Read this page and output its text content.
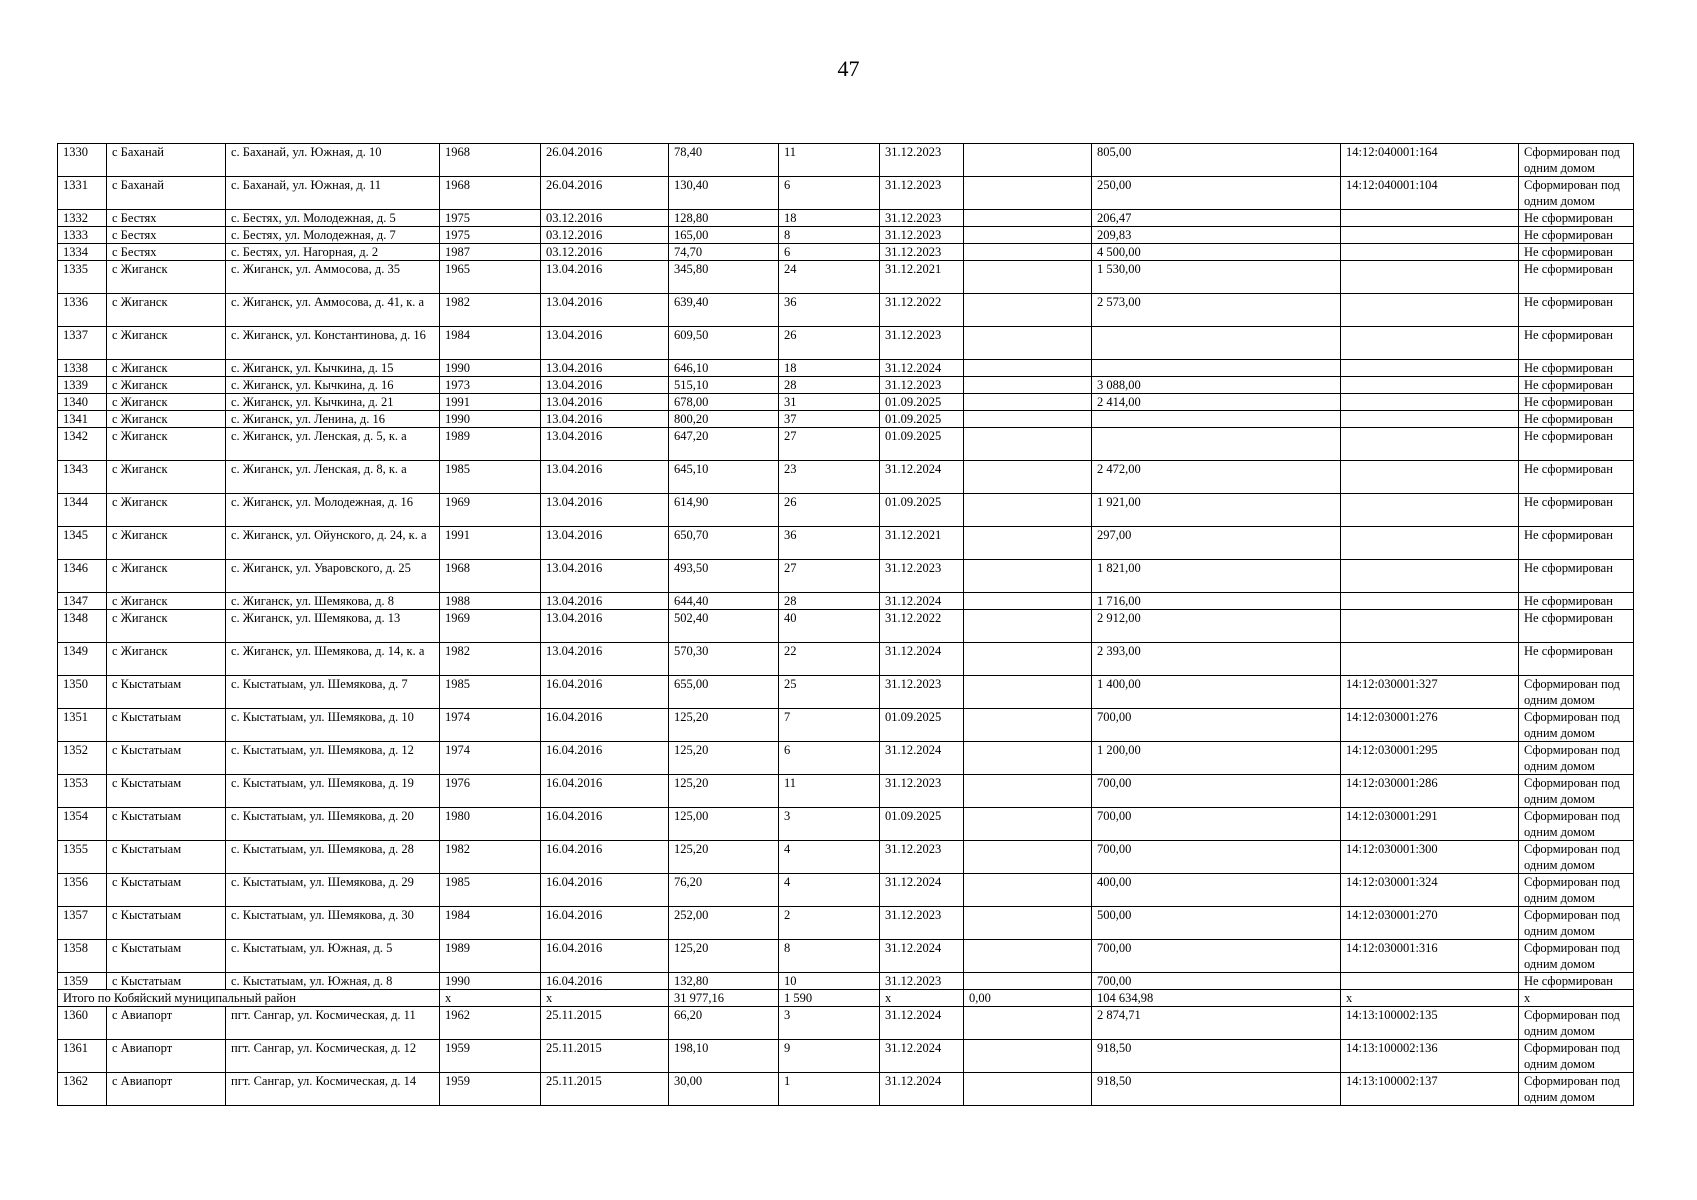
47
1330	с Баханай	с. Баханай, ул. Южная, д. 10	1968	26.04.2016	78,40	11	31.12.2023		805,00	14:12:040001:164	Сформирован под одним домом
1331	с Баханай	с. Баханай, ул. Южная, д. 11	1968	26.04.2016	130,40	6	31.12.2023		250,00	14:12:040001:104	Сформирован под одним домом
1332	с Бестях	с. Бестях, ул. Молодежная, д. 5	1975	03.12.2016	128,80	18	31.12.2023		206,47		Не сформирован
1333	с Бестях	с. Бестях, ул. Молодежная, д. 7	1975	03.12.2016	165,00	8	31.12.2023		209,83		Не сформирован
1334	с Бестях	с. Бестях, ул. Нагорная, д. 2	1987	03.12.2016	74,70	6	31.12.2023		4 500,00		Не сформирован
1335	с Жиганск	с. Жиганск, ул. Аммосова, д. 35	1965	13.04.2016	345,80	24	31.12.2021		1 530,00		Не сформирован
1336	с Жиганск	с. Жиганск, ул. Аммосова, д. 41, к. а	1982	13.04.2016	639,40	36	31.12.2022		2 573,00		Не сформирован
1337	с Жиганск	с. Жиганск, ул. Константинова, д. 16	1984	13.04.2016	609,50	26	31.12.2023				Не сформирован
1338	с Жиганск	с. Жиганск, ул. Кычкина, д. 15	1990	13.04.2016	646,10	18	31.12.2024				Не сформирован
1339	с Жиганск	с. Жиганск, ул. Кычкина, д. 16	1973	13.04.2016	515,10	28	31.12.2023		3 088,00		Не сформирован
1340	с Жиганск	с. Жиганск, ул. Кычкина, д. 21	1991	13.04.2016	678,00	31	01.09.2025		2 414,00		Не сформирован
1341	с Жиганск	с. Жиганск, ул. Ленина, д. 16	1990	13.04.2016	800,20	37	01.09.2025				Не сформирован
1342	с Жиганск	с. Жиганск, ул. Ленская, д. 5, к. а	1989	13.04.2016	647,20	27	01.09.2025				Не сформирован
1343	с Жиганск	с. Жиганск, ул. Ленская, д. 8, к. а	1985	13.04.2016	645,10	23	31.12.2024		2 472,00		Не сформирован
1344	с Жиганск	с. Жиганск, ул. Молодежная, д. 16	1969	13.04.2016	614,90	26	01.09.2025		1 921,00		Не сформирован
1345	с Жиганск	с. Жиганск, ул. Ойунского, д. 24, к. а	1991	13.04.2016	650,70	36	31.12.2021		297,00		Не сформирован
1346	с Жиганск	с. Жиганск, ул. Уваровского, д. 25	1968	13.04.2016	493,50	27	31.12.2023		1 821,00		Не сформирован
1347	с Жиганск	с. Жиганск, ул. Шемякова, д. 8	1988	13.04.2016	644,40	28	31.12.2024		1 716,00		Не сформирован
1348	с Жиганск	с. Жиганск, ул. Шемякова, д. 13	1969	13.04.2016	502,40	40	31.12.2022		2 912,00		Не сформирован
1349	с Жиганск	с. Жиганск, ул. Шемякова, д. 14, к. а	1982	13.04.2016	570,30	22	31.12.2024		2 393,00		Не сформирован
1350	с Кыстатыам	с. Кыстатыам, ул. Шемякова, д. 7	1985	16.04.2016	655,00	25	31.12.2023		1 400,00	14:12:030001:327	Сформирован под одним домом
1351	с Кыстатыам	с. Кыстатыам, ул. Шемякова, д. 10	1974	16.04.2016	125,20	7	01.09.2025		700,00	14:12:030001:276	Сформирован под одним домом
1352	с Кыстатыам	с. Кыстатыам, ул. Шемякова, д. 12	1974	16.04.2016	125,20	6	31.12.2024		1 200,00	14:12:030001:295	Сформирован под одним домом
1353	с Кыстатыам	с. Кыстатыам, ул. Шемякова, д. 19	1976	16.04.2016	125,20	11	31.12.2023		700,00	14:12:030001:286	Сформирован под одним домом
1354	с Кыстатыам	с. Кыстатыам, ул. Шемякова, д. 20	1980	16.04.2016	125,00	3	01.09.2025		700,00	14:12:030001:291	Сформирован под одним домом
1355	с Кыстатыам	с. Кыстатыам, ул. Шемякова, д. 28	1982	16.04.2016	125,20	4	31.12.2023		700,00	14:12:030001:300	Сформирован под одним домом
1356	с Кыстатыам	с. Кыстатыам, ул. Шемякова, д. 29	1985	16.04.2016	76,20	4	31.12.2024		400,00	14:12:030001:324	Сформирован под одним домом
1357	с Кыстатыам	с. Кыстатыам, ул. Шемякова, д. 30	1984	16.04.2016	252,00	2	31.12.2023		500,00	14:12:030001:270	Сформирован под одним домом
1358	с Кыстатыам	с. Кыстатыам, ул. Южная, д. 5	1989	16.04.2016	125,20	8	31.12.2024		700,00	14:12:030001:316	Сформирован под одним домом
1359	с Кыстатыам	с. Кыстатыам, ул. Южная, д. 8	1990	16.04.2016	132,80	10	31.12.2023		700,00		Не сформирован
Итого по Кобяйский муниципальный район			x	x	31 977,16	1 590	x	0,00	104 634,98	x	x
1360	с Авиапорт	пгт. Сангар, ул. Космическая, д. 11	1962	25.11.2015	66,20	3	31.12.2024		2 874,71	14:13:100002:135	Сформирован под одним домом
1361	с Авиапорт	пгт. Сангар, ул. Космическая, д. 12	1959	25.11.2015	198,10	9	31.12.2024		918,50	14:13:100002:136	Сформирован под одним домом
1362	с Авиапорт	пгт. Сангар, ул. Космическая, д. 14	1959	25.11.2015	30,00	1	31.12.2024		918,50	14:13:100002:137	Сформирован под одним домом
